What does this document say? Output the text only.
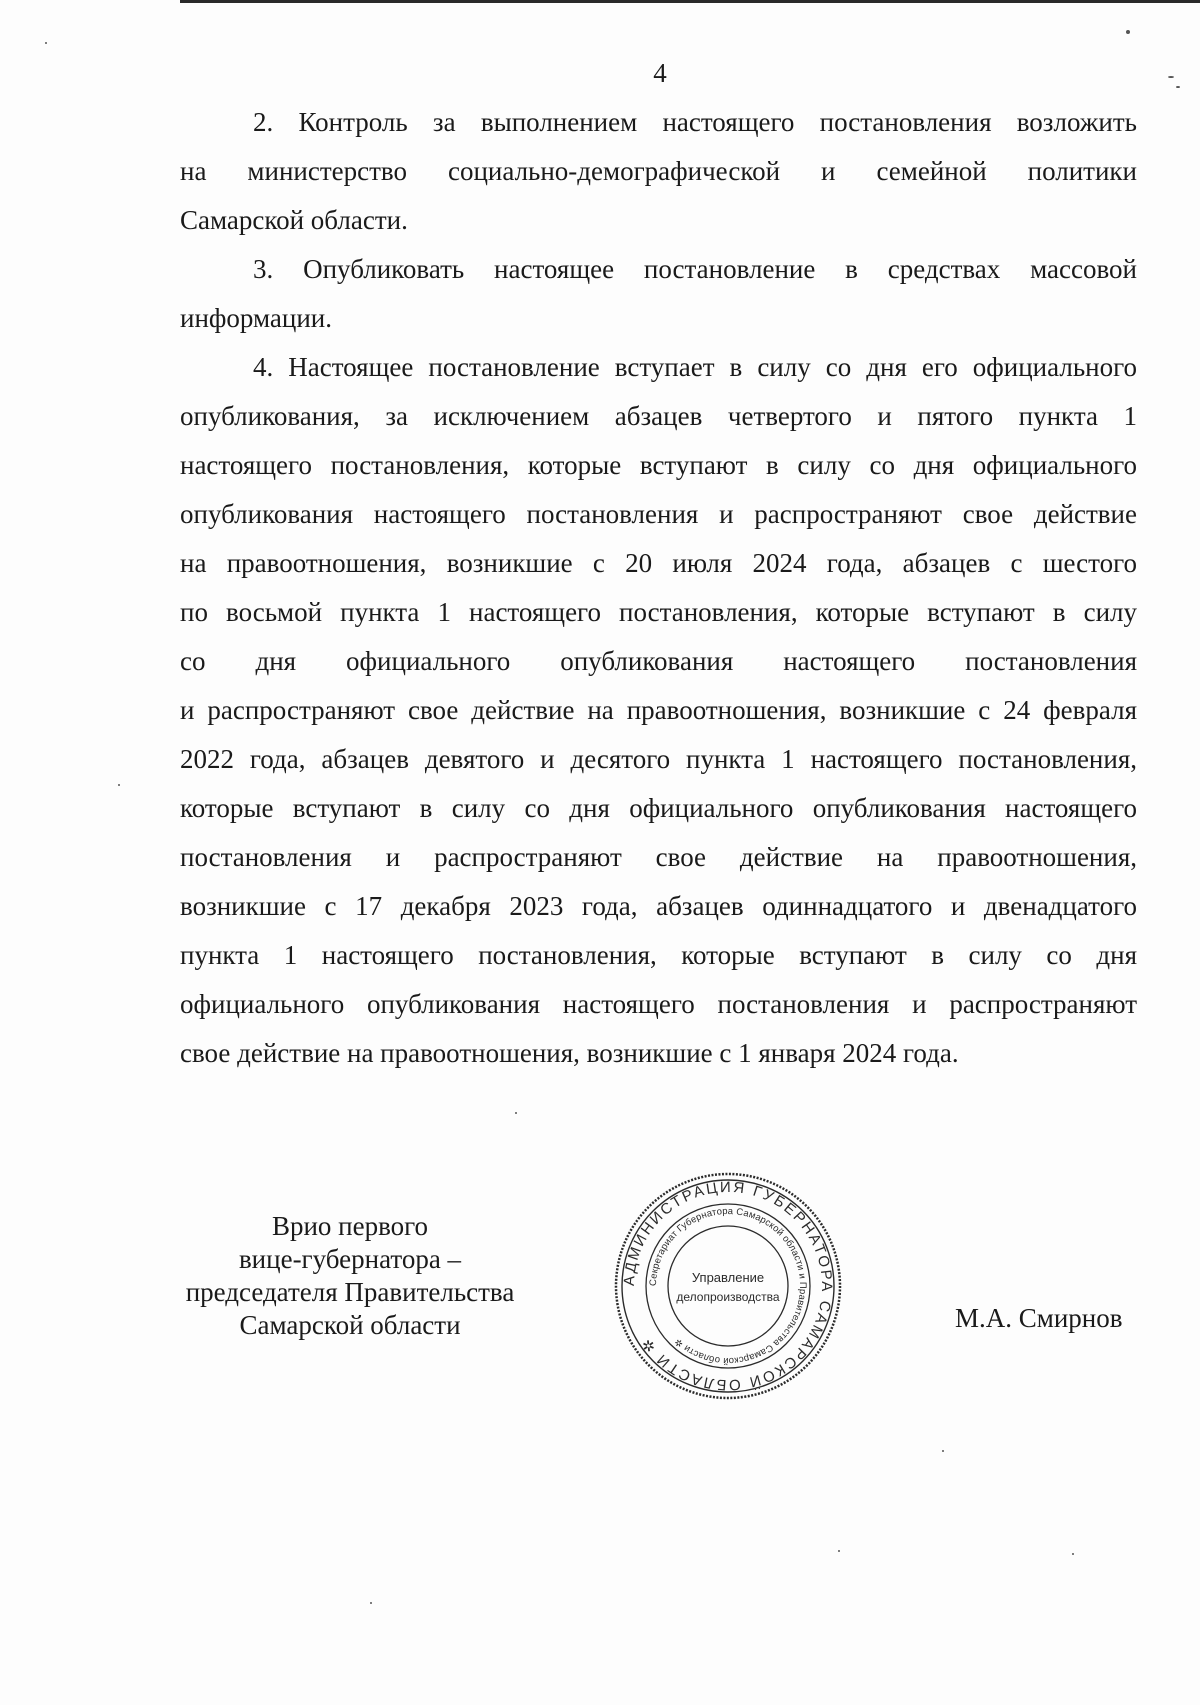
4

2. Контроль за выполнением настоящего постановления возложить
на министерство социально-демографической и семейной политики
Самарской области.

3. Опубликовать настоящее постановление в средствах массовой
информации.

4. Настоящее постановление вступает в силу со дня его официального
опубликования, за исключением абзацев четвертого и пятого пункта 1
настоящего постановления, которые вступают в силу со дня официального
опубликования настоящего постановления и распространяют свое действие
на правоотношения, возникшие с 20 июля 2024 года, абзацев с шестого
по восьмой пункта 1 настоящего постановления, которые вступают в силу
со дня официального опубликования настоящего постановления
и распространяют свое действие на правоотношения, возникшие с 24 февраля
2022 года, абзацев девятого и десятого пункта 1 настоящего постановления,
которые вступают в силу со дня официального опубликования настоящего
постановления и распространяют свое действие на правоотношения,
возникшие с 17 декабря 2023 года, абзацев одиннадцатого и двенадцатого
пункта 1 настоящего постановления, которые вступают в силу со дня
официального опубликования настоящего постановления и распространяют
свое действие на правоотношения, возникшие с 1 января 2024 года.

Врио первого
вице-губернатора –
председателя Правительства
Самарской области
АДМИНИСТРАЦИЯ ГУБЕРНАТОРА САМАРСКОЙ ОБЛАСТИ ✲
Секретариат Губернатора Самарской области и Правительства Самарской области ✲
Управление
делопроизводства
М.А. Смирнов
